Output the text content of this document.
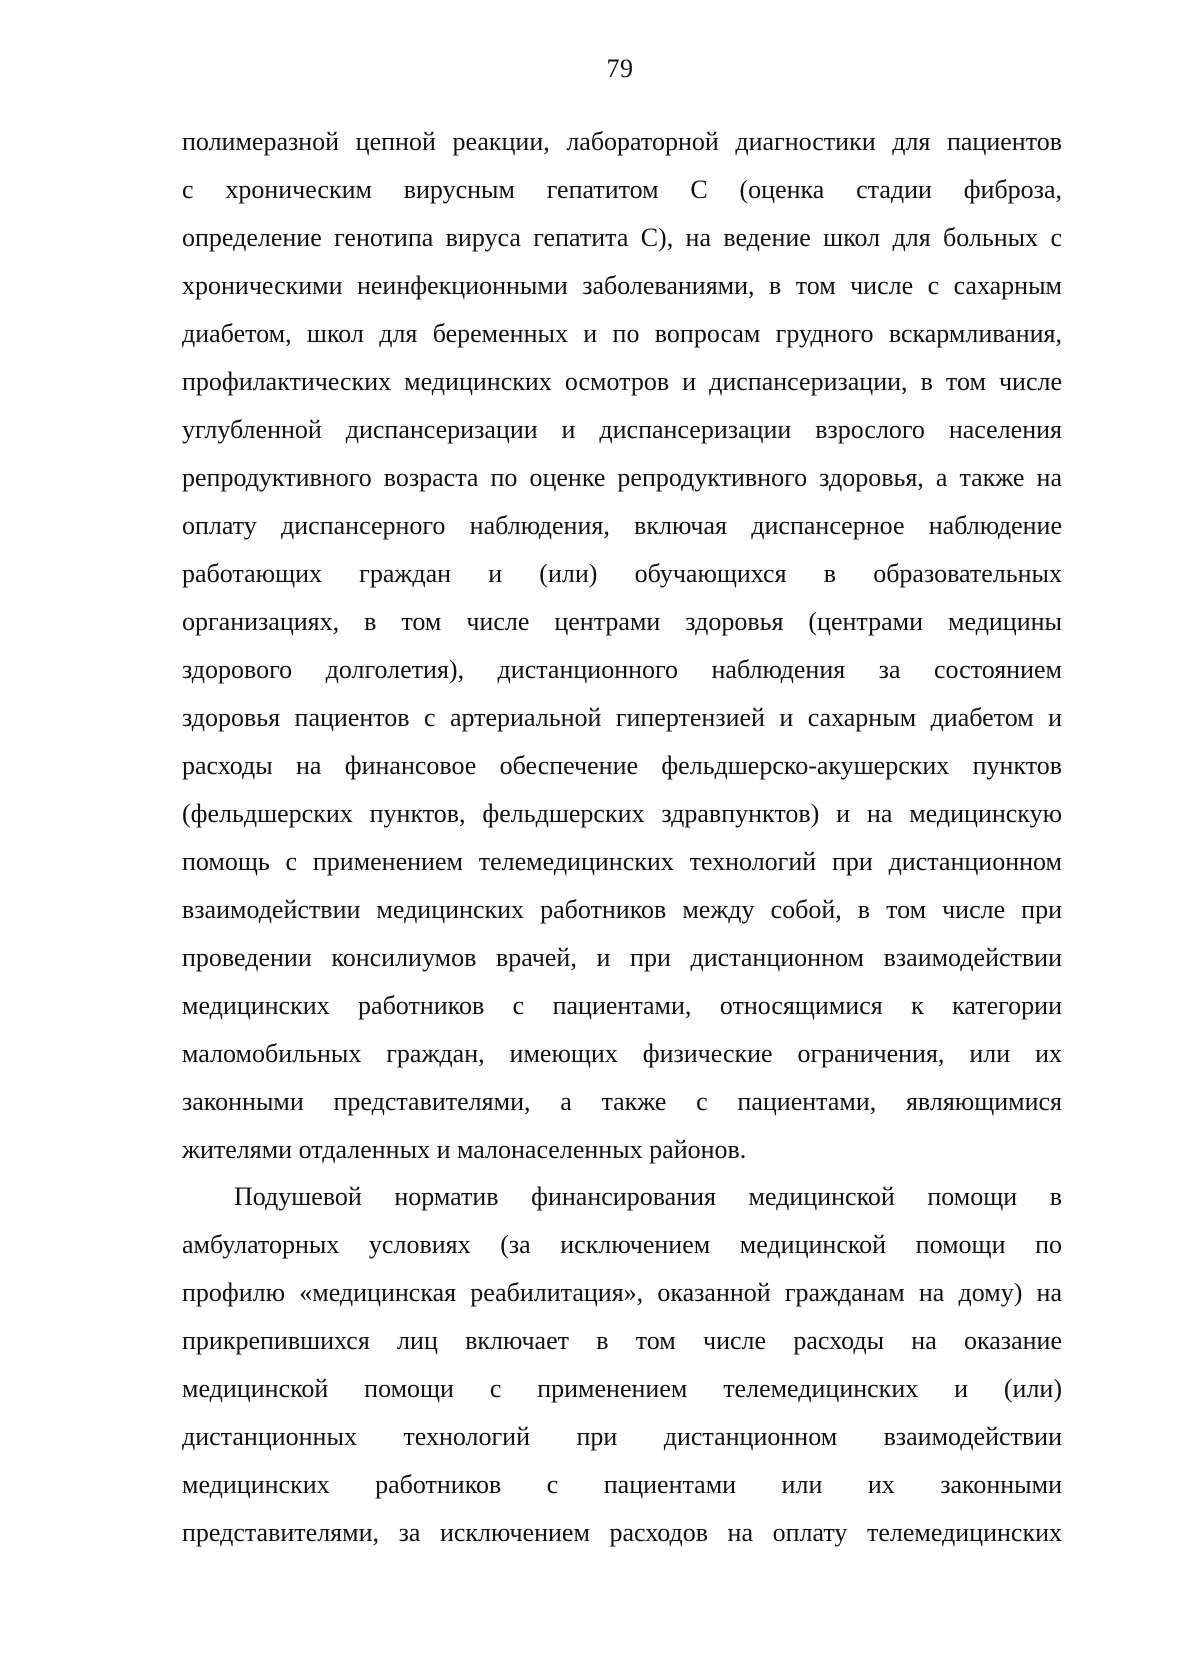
79
полимеразной цепной реакции, лабораторной диагностики для пациентов
с хроническим вирусным гепатитом С (оценка стадии фиброза,
определение генотипа вируса гепатита С), на ведение школ для больных с
хроническими неинфекционными заболеваниями, в том числе с сахарным
диабетом, школ для беременных и по вопросам грудного вскармливания,
профилактических медицинских осмотров и диспансеризации, в том числе
углубленной диспансеризации и диспансеризации взрослого населения
репродуктивного возраста по оценке репродуктивного здоровья, а также на
оплату диспансерного наблюдения, включая диспансерное наблюдение
работающих граждан и (или) обучающихся в образовательных
организациях, в том числе центрами здоровья (центрами медицины
здорового долголетия), дистанционного наблюдения за состоянием
здоровья пациентов с артериальной гипертензией и сахарным диабетом и
расходы на финансовое обеспечение фельдшерско-акушерских пунктов
(фельдшерских пунктов, фельдшерских здравпунктов) и на медицинскую
помощь с применением телемедицинских технологий при дистанционном
взаимодействии медицинских работников между собой, в том числе при
проведении консилиумов врачей, и при дистанционном взаимодействии
медицинских работников с пациентами, относящимися к категории
маломобильных граждан, имеющих физические ограничения, или их
законными представителями, а также с пациентами, являющимися
жителями отдаленных и малонаселенных районов.
Подушевой норматив финансирования медицинской помощи в
амбулаторных условиях (за исключением медицинской помощи по
профилю «медицинская реабилитация», оказанной гражданам на дому) на
прикрепившихся лиц включает в том числе расходы на оказание
медицинской помощи с применением телемедицинских и (или)
дистанционных технологий при дистанционном взаимодействии
медицинских работников с пациентами или их законными
представителями, за исключением расходов на оплату телемедицинских
